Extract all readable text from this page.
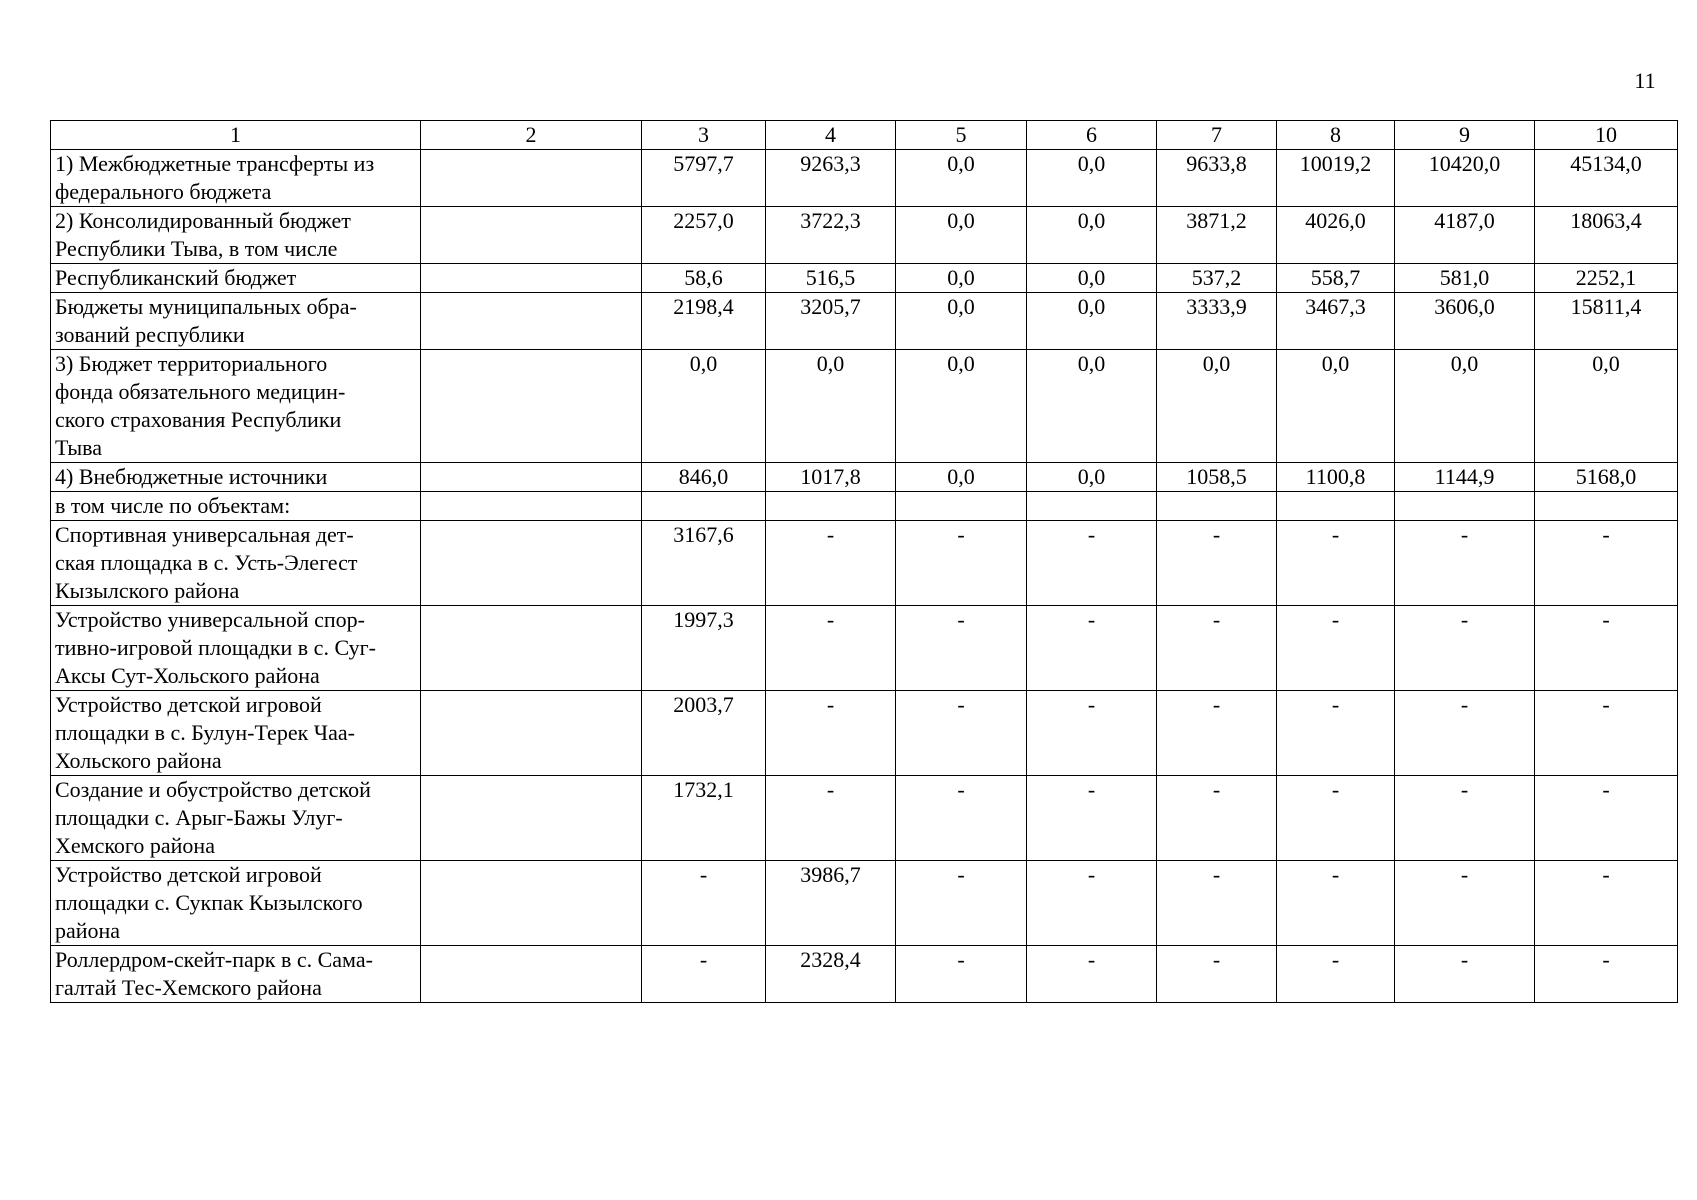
11
1	2	3	4	5	6	7	8	9	10
1) Межбюджетные трансферты из
федерального бюджета		5797,7	9263,3	0,0	0,0	9633,8	10019,2	10420,0	45134,0
2) Консолидированный бюджет
Республики Тыва, в том числе		2257,0	3722,3	0,0	0,0	3871,2	4026,0	4187,0	18063,4
Республиканский бюджет		58,6	516,5	0,0	0,0	537,2	558,7	581,0	2252,1
Бюджеты муниципальных обра-
зований республики		2198,4	3205,7	0,0	0,0	3333,9	3467,3	3606,0	15811,4
3) Бюджет территориального
фонда обязательного медицин-
ского страхования Республики
Тыва		0,0	0,0	0,0	0,0	0,0	0,0	0,0	0,0
4) Внебюджетные источники		846,0	1017,8	0,0	0,0	1058,5	1100,8	1144,9	5168,0
в том числе по объектам:									
Спортивная универсальная дет-
ская площадка в с. Усть-Элегест
Кызылского района		3167,6	-	-	-	-	-	-	-
Устройство универсальной спор-
тивно-игровой площадки в с. Суг-
Аксы Сут-Хольского района		1997,3	-	-	-	-	-	-	-
Устройство детской игровой
площадки в с. Булун-Терек Чаа-
Хольского района		2003,7	-	-	-	-	-	-	-
Создание и обустройство детской
площадки с. Арыг-Бажы Улуг-
Хемского района		1732,1	-	-	-	-	-	-	-
Устройство детской игровой
площадки с. Сукпак Кызылского
района		-	3986,7	-	-	-	-	-	-
Роллердром-скейт-парк в с. Сама-
галтай Тес-Хемского района		-	2328,4	-	-	-	-	-	-
